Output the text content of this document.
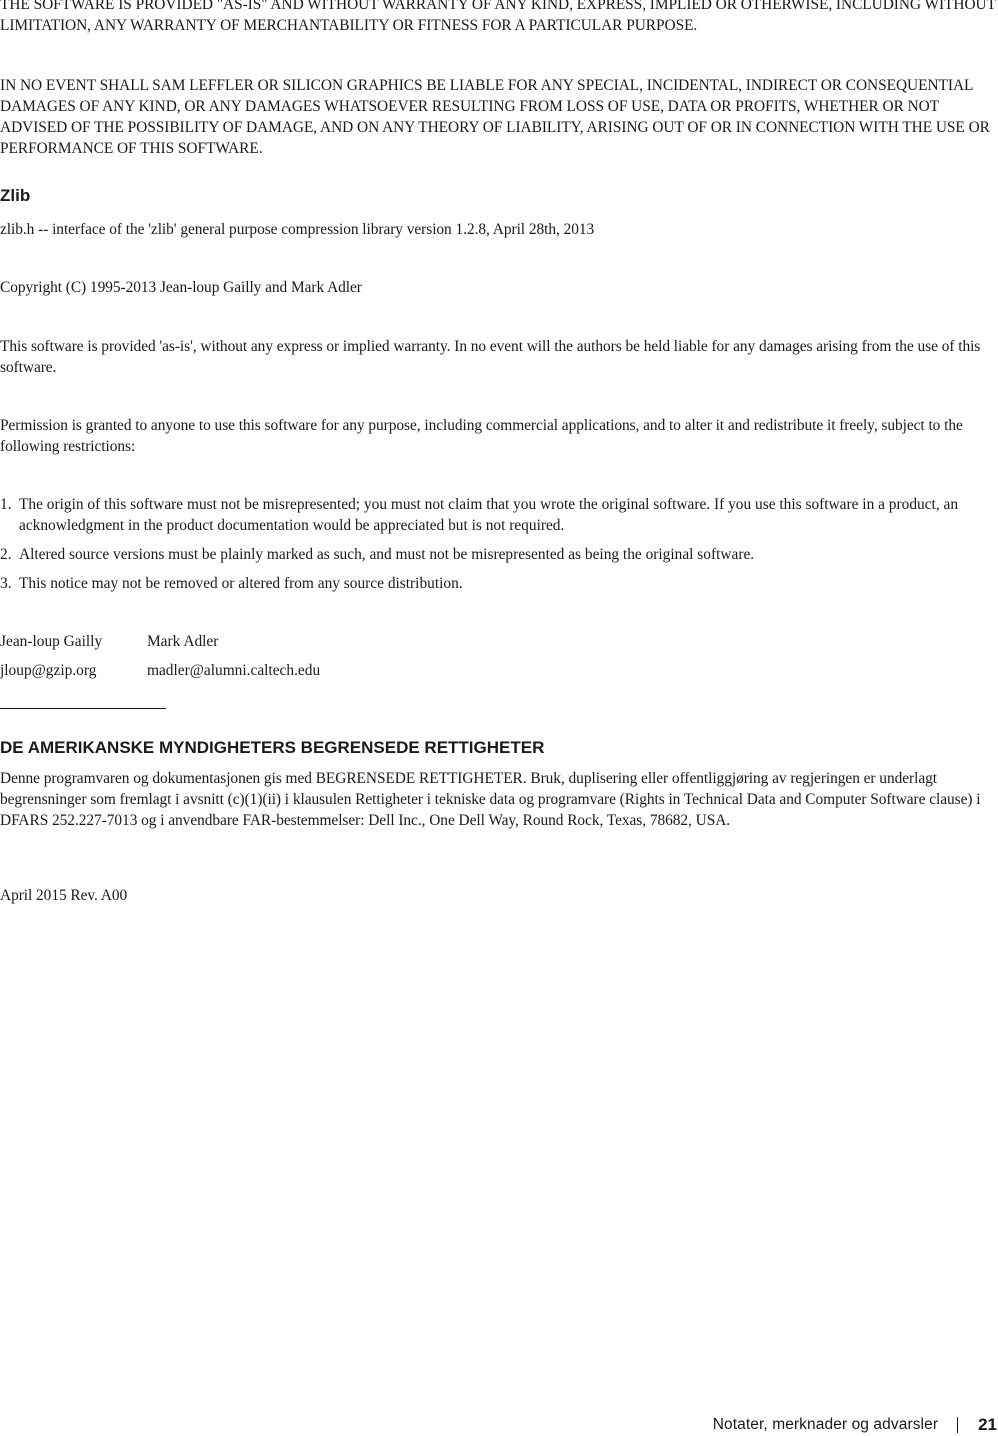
THE SOFTWARE IS PROVIDED "AS-IS" AND WITHOUT WARRANTY OF ANY KIND, EXPRESS, IMPLIED OR OTHERWISE, INCLUDING WITHOUT LIMITATION, ANY WARRANTY OF MERCHANTABILITY OR FITNESS FOR A PARTICULAR PURPOSE.

IN NO EVENT SHALL SAM LEFFLER OR SILICON GRAPHICS BE LIABLE FOR ANY SPECIAL, INCIDENTAL, INDIRECT OR CONSEQUENTIAL DAMAGES OF ANY KIND, OR ANY DAMAGES WHATSOEVER RESULTING FROM LOSS OF USE, DATA OR PROFITS, WHETHER OR NOT ADVISED OF THE POSSIBILITY OF DAMAGE, AND ON ANY THEORY OF LIABILITY, ARISING OUT OF OR IN CONNECTION WITH THE USE OR PERFORMANCE OF THIS SOFTWARE.

Zlib

zlib.h -- interface of the 'zlib' general purpose compression library version 1.2.8, April 28th, 2013

Copyright (C) 1995-2013 Jean-loup Gailly and Mark Adler

This software is provided 'as-is', without any express or implied warranty. In no event will the authors be held liable for any damages arising from the use of this software.

Permission is granted to anyone to use this software for any purpose, including commercial applications, and to alter it and redistribute it freely, subject to the following restrictions:

1. The origin of this software must not be misrepresented; you must not claim that you wrote the original software. If you use this software in a product, an acknowledgment in the product documentation would be appreciated but is not required.
2. Altered source versions must be plainly marked as such, and must not be misrepresented as being the original software.
3. This notice may not be removed or altered from any source distribution.
Jean-loup Gailly	Mark Adler
jloup@gzip.org	madler@alumni.caltech.edu
DE AMERIKANSKE MYNDIGHETERS BEGRENSEDE RETTIGHETER

Denne programvaren og dokumentasjonen gis med BEGRENSEDE RETTIGHETER. Bruk, duplisering eller offentliggjøring av regjeringen er underlagt begrensninger som fremlagt i avsnitt (c)(1)(ii) i klausulen Rettigheter i tekniske data og programvare (Rights in Technical Data and Computer Software clause) i DFARS 252.227-7013 og i anvendbare FAR-bestemmelser: Dell Inc., One Dell Way, Round Rock, Texas, 78682, USA.

April 2015 Rev. A00

Notater, merknader og advarsler 21
